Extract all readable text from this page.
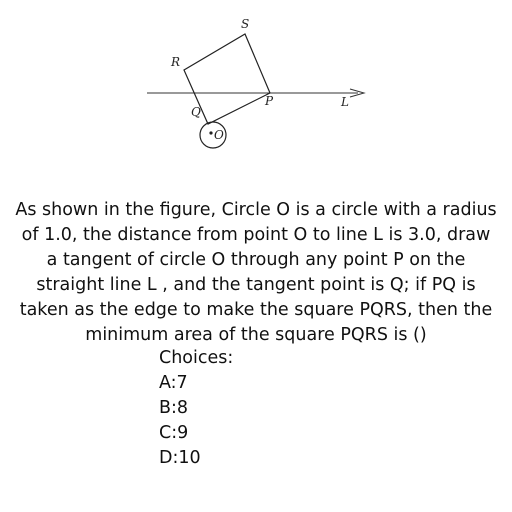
R
S
P
Q
L
O
As shown in the figure, Circle O is a circle with a radius of 1.0, the distance from point O to line L is 3.0, draw a tangent of circle O through any point P on the straight line L , and the tangent point is Q; if PQ is taken as the edge to make the square PQRS, then the minimum area of the square PQRS is ()
Choices:
A:7
B:8
C:9
D:10
